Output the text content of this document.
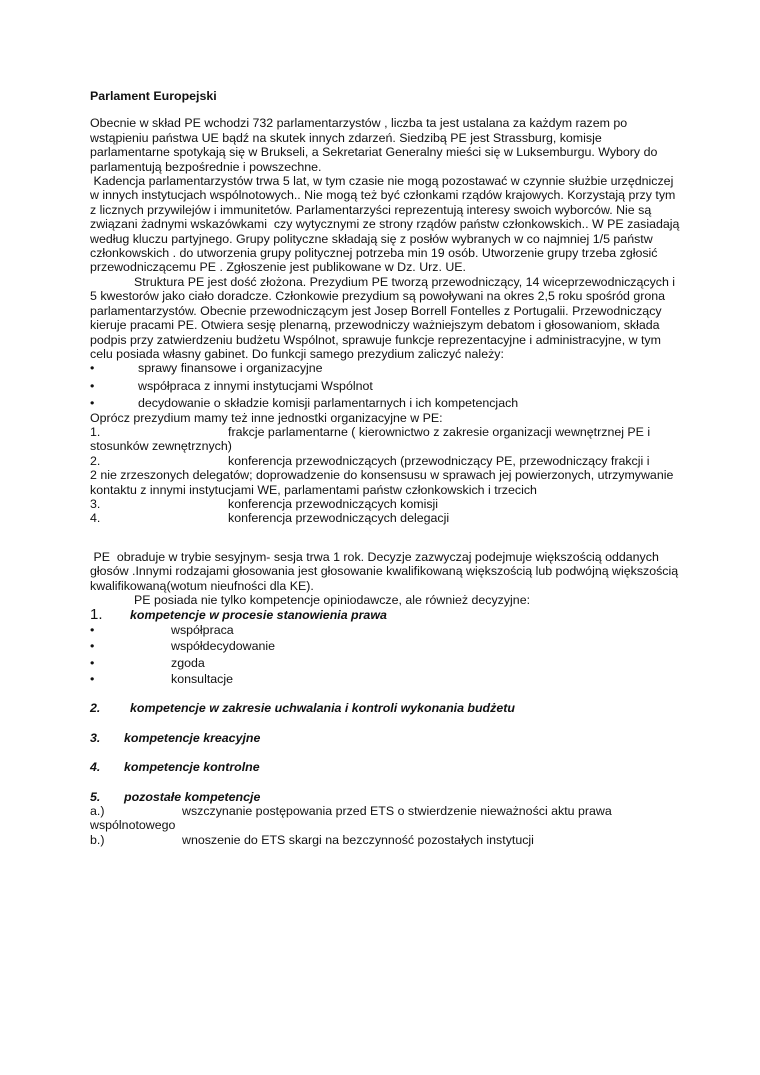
Parlament Europejski

Obecnie w skład PE wchodzi 732 parlamentarzystów , liczba ta jest ustalana za każdym razem po wstąpieniu państwa UE bądź na skutek innych zdarzeń. Siedzibą PE jest Strassburg, komisje parlamentarne spotykają się w Brukseli, a Sekretariat Generalny mieści się w Luksemburgu. Wybory do parlamentują bezpośrednie i powszechne.

Kadencja parlamentarzystów trwa 5 lat, w tym czasie nie mogą pozostawać w czynnie służbie urzędniczej w innych instytucjach wspólnotowych.. Nie mogą też być członkami rządów krajowych. Korzystają przy tym z licznych przywilejów i immunitetów. Parlamentarzyści reprezentują interesy swoich wyborców. Nie są związani żadnymi wskazówkami  czy wytycznymi ze strony rządów państw członkowskich.. W PE zasiadają  według kluczu partyjnego. Grupy polityczne składają się z posłów wybranych w co najmniej 1/5 państw członkowskich . do utworzenia grupy politycznej potrzeba min 19 osób. Utworzenie grupy trzeba zgłosić przewodniczącemu PE . Zgłoszenie jest publikowane w Dz. Urz. UE.

Struktura PE jest dość złożona. Prezydium PE tworzą przewodniczący, 14 wiceprzewodniczących i 5 kwestorów jako ciało doradcze. Członkowie prezydium są powoływani na okres 2,5 roku spośród grona parlamentarzystów. Obecnie przewodniczącym jest Josep Borrell Fontelles z Portugalii. Przewodniczący kieruje pracami PE. Otwiera sesję plenarną, przewodniczy ważniejszym debatom i głosowaniom, składa podpis przy zatwierdzeniu budżetu Wspólnot, sprawuje funkcje reprezentacyjne i administracyjne, w tym celu posiada własny gabinet. Do funkcji samego prezydium zaliczyć należy:

•	sprawy finansowe i organizacyjne
•	współpraca z innymi instytucjami Wspólnot
•	decydowanie o składzie komisji parlamentarnych i ich kompetencjach

Oprócz prezydium mamy też inne jednostki organizacyjne w PE:

1.	frakcje parlamentarne ( kierownictwo z zakresie organizacji wewnętrznej PE i
stosunków zewnętrznych)
2.	konferencja przewodniczących (przewodniczący PE, przewodniczący frakcji i
2 nie zrzeszonych delegatów; doprowadzenie do konsensusu w sprawach jej powierzonych, utrzymywanie kontaktu z innymi instytucjami WE, parlamentami państw członkowskich i trzecich
3.	konferencja przewodniczących komisji
4.	konferencja przewodniczących delegacji

PE  obraduje w trybie sesyjnym- sesja trwa 1 rok. Decyzje zazwyczaj podejmuje większością oddanych głosów .Innymi rodzajami głosowania jest głosowanie kwalifikowaną większością lub podwójną większością kwalifikowaną(wotum nieufności dla KE).

PE posiada nie tylko kompetencje opiniodawcze, ale również decyzyjne:

1.	kompetencje w procesie stanowienia prawa
•	współpraca
•	współdecydowanie
•	zgoda
•	konsultacje
2.	kompetencje w zakresie uchwalania i kontroli wykonania budżetu
3.	kompetencje kreacyjne
4.	kompetencje kontrolne
5.	pozostałe kompetencje
a.)	wszczynanie postępowania przed ETS o stwierdzenie nieważności aktu prawa
wspólnotowego
b.)	wnoszenie do ETS skargi na bezczynność pozostałych instytucji
